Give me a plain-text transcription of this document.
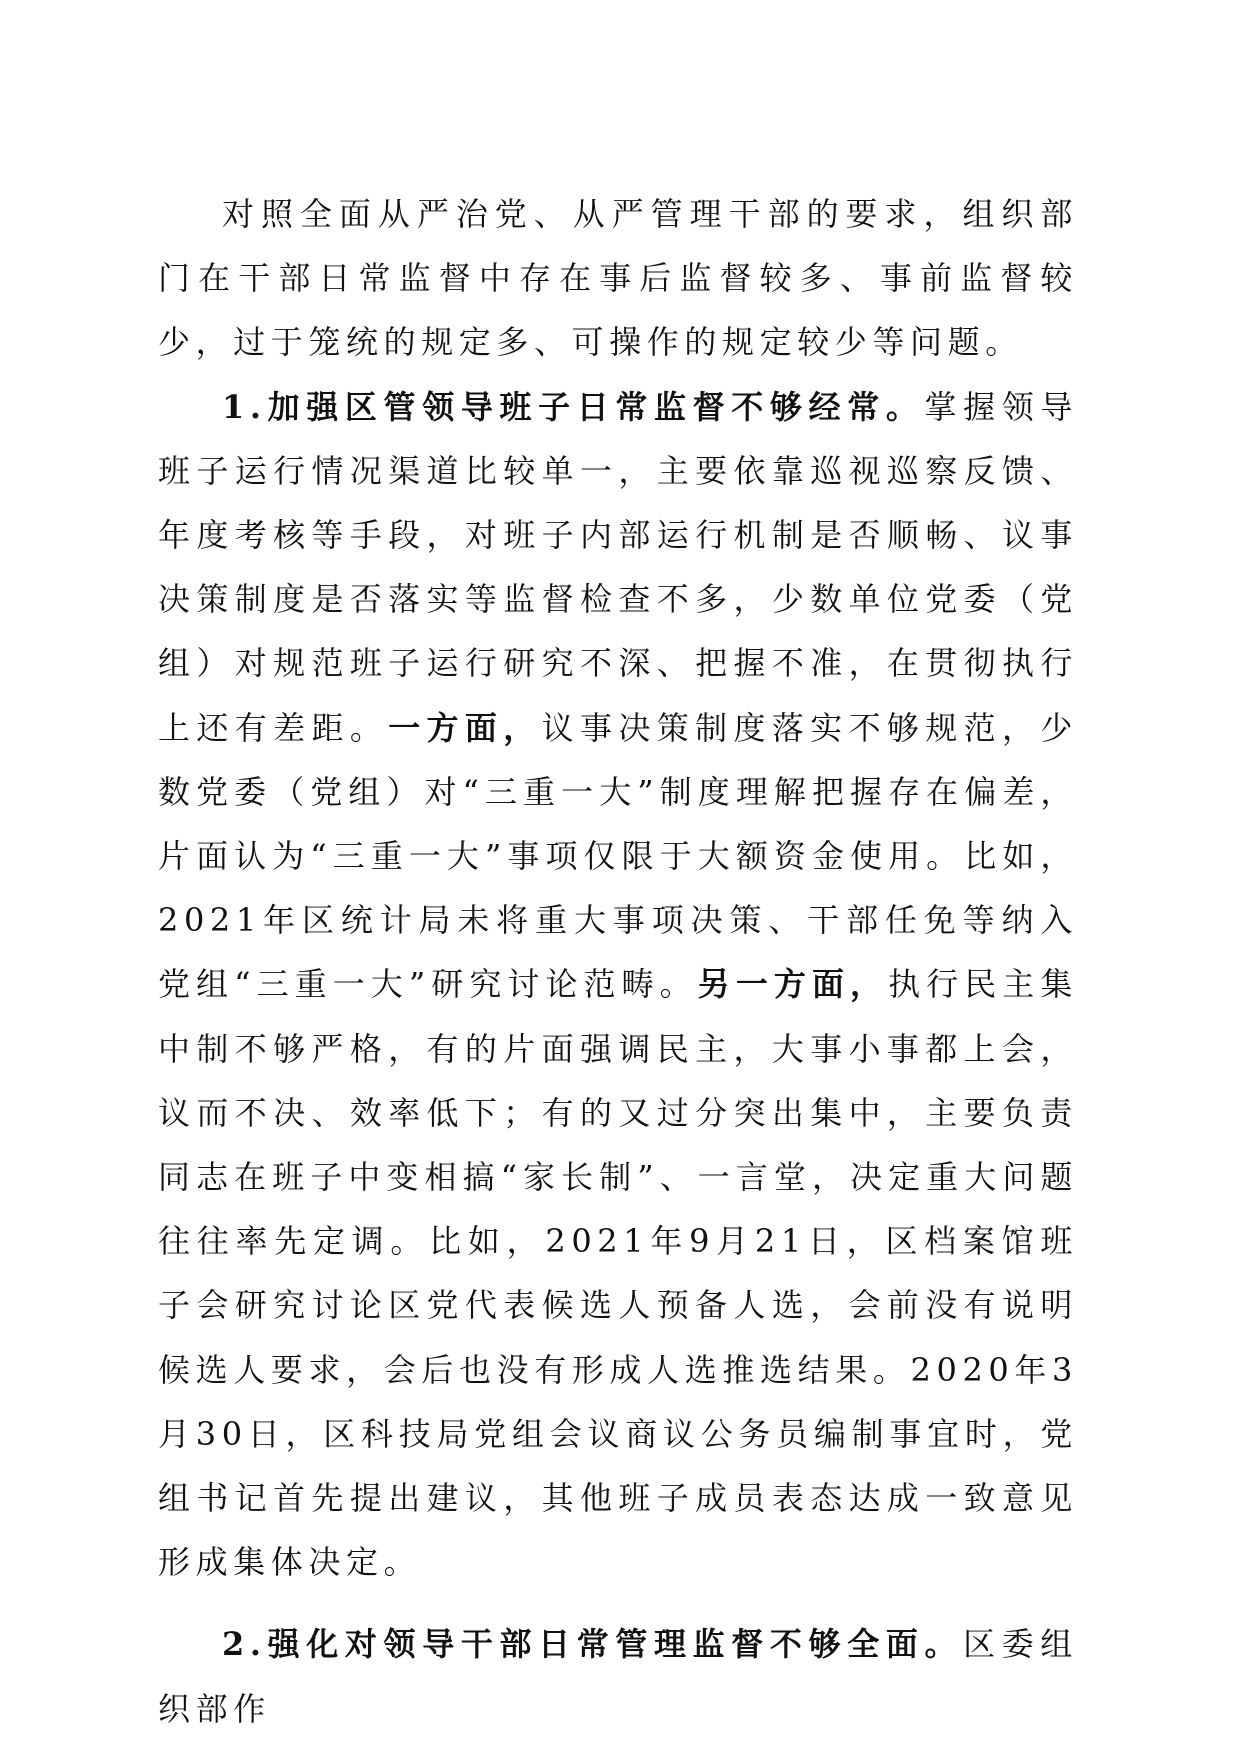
对照全面从严治党、从严管理干部的要求，组织部门在干部日常监督中存在事后监督较多、事前监督较少，过于笼统的规定多、可操作的规定较少等问题。

1.加强区管领导班子日常监督不够经常。掌握领导班子运行情况渠道比较单一，主要依靠巡视巡察反馈、年度考核等手段，对班子内部运行机制是否顺畅、议事决策制度是否落实等监督检查不多，少数单位党委（党组）对规范班子运行研究不深、把握不准，在贯彻执行上还有差距。一方面，议事决策制度落实不够规范，少数党委（党组）对“三重一大”制度理解把握存在偏差，片面认为“三重一大”事项仅限于大额资金使用。比如，2021年区统计局未将重大事项决策、干部任免等纳入党组“三重一大”研究讨论范畴。另一方面，执行民主集中制不够严格，有的片面强调民主，大事小事都上会，议而不决、效率低下；有的又过分突出集中，主要负责同志在班子中变相搞“家长制”、一言堂，决定重大问题往往率先定调。比如，2021年9月21日，区档案馆班子会研究讨论区党代表候选人预备人选，会前没有说明候选人要求，会后也没有形成人选推选结果。2020年3月30日，区科技局党组会议商议公务员编制事宜时，党组书记首先提出建议，其他班子成员表态达成一致意见形成集体决定。

2.强化对领导干部日常管理监督不够全面。区委组织部作
